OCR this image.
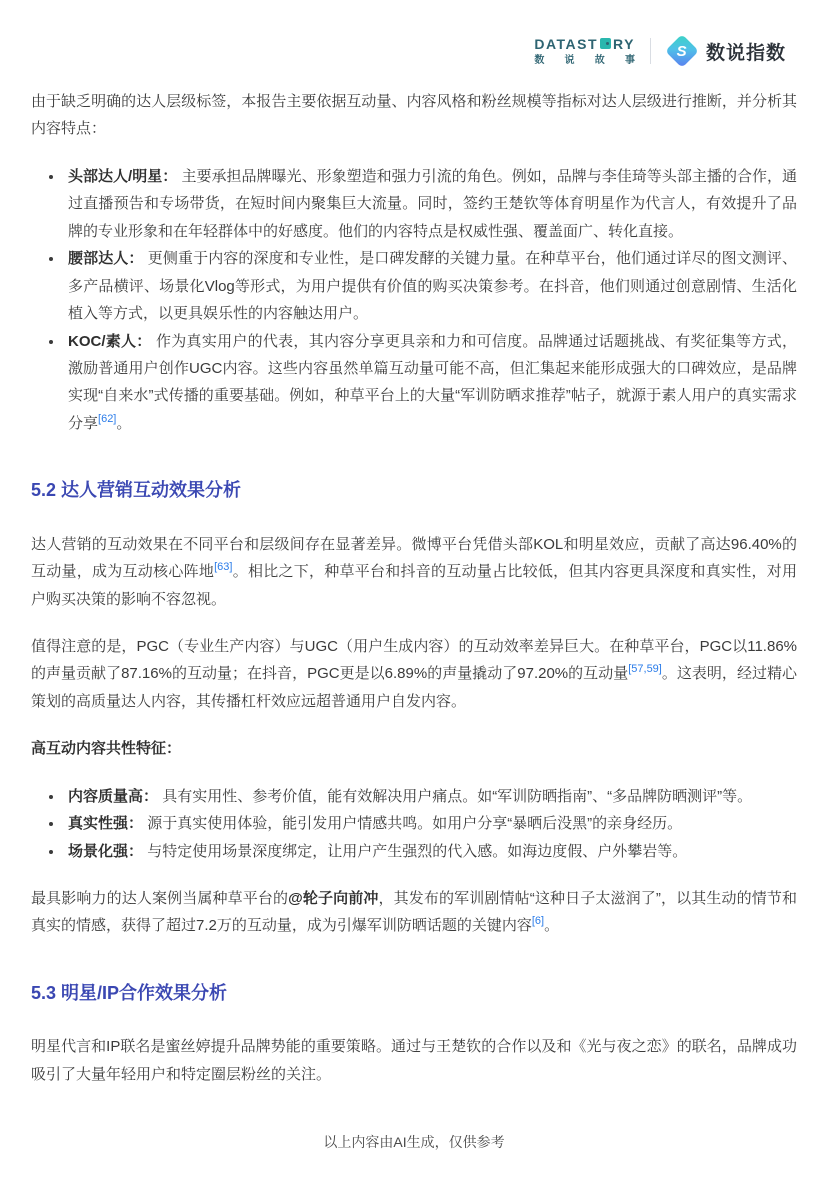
DATAST RY
数 说 故 事
S 数说指数

由于缺乏明确的达人层级标签，本报告主要依据互动量、内容风格和粉丝规模等指标对达人层级进行推断，并分析其内容特点：

• 头部达人/明星： 主要承担品牌曝光、形象塑造和强力引流的角色。例如，品牌与李佳琦等头部主播的合作，通过直播预告和专场带货，在短时间内聚集巨大流量。同时，签约王楚钦等体育明星作为代言人，有效提升了品牌的专业形象和在年轻群体中的好感度。他们的内容特点是权威性强、覆盖面广、转化直接。
• 腰部达人： 更侧重于内容的深度和专业性，是口碑发酵的关键力量。在种草平台，他们通过详尽的图文测评、多产品横评、场景化Vlog等形式，为用户提供有价值的购买决策参考。在抖音，他们则通过创意剧情、生活化植入等方式，以更具娱乐性的内容触达用户。
• KOC/素人： 作为真实用户的代表，其内容分享更具亲和力和可信度。品牌通过话题挑战、有奖征集等方式，激励普通用户创作UGC内容。这些内容虽然单篇互动量可能不高，但汇集起来能形成强大的口碑效应，是品牌实现“自来水”式传播的重要基础。例如，种草平台上的大量“军训防晒求推荐”帖子，就源于素人用户的真实需求分享[62]。
5.2 达人营销互动效果分析

达人营销的互动效果在不同平台和层级间存在显著差异。微博平台凭借头部KOL和明星效应，贡献了高达96.40%的互动量，成为互动核心阵地[63]。相比之下，种草平台和抖音的互动量占比较低，但其内容更具深度和真实性，对用户购买决策的影响不容忽视。

值得注意的是，PGC（专业生产内容）与UGC（用户生成内容）的互动效率差异巨大。在种草平台，PGC以11.86%的声量贡献了87.16%的互动量；在抖音，PGC更是以6.89%的声量撬动了97.20%的互动量[57,59]。这表明，经过精心策划的高质量达人内容，其传播杠杆效应远超普通用户自发内容。

高互动内容共性特征：

• 内容质量高： 具有实用性、参考价值，能有效解决用户痛点。如“军训防晒指南”、“多品牌防晒测评”等。
• 真实性强： 源于真实使用体验，能引发用户情感共鸣。如用户分享“暴晒后没黑”的亲身经历。
• 场景化强： 与特定使用场景深度绑定，让用户产生强烈的代入感。如海边度假、户外攀岩等。

最具影响力的达人案例当属种草平台的@轮子向前冲，其发布的军训剧情帖“这种日子太滋润了”，以其生动的情节和真实的情感，获得了超过7.2万的互动量，成为引爆军训防晒话题的关键内容[6]。

5.3 明星/IP合作效果分析

明星代言和IP联名是蜜丝婷提升品牌势能的重要策略。通过与王楚钦的合作以及和《光与夜之恋》的联名，品牌成功吸引了大量年轻用户和特定圈层粉丝的关注。

以上内容由AI生成，仅供参考
